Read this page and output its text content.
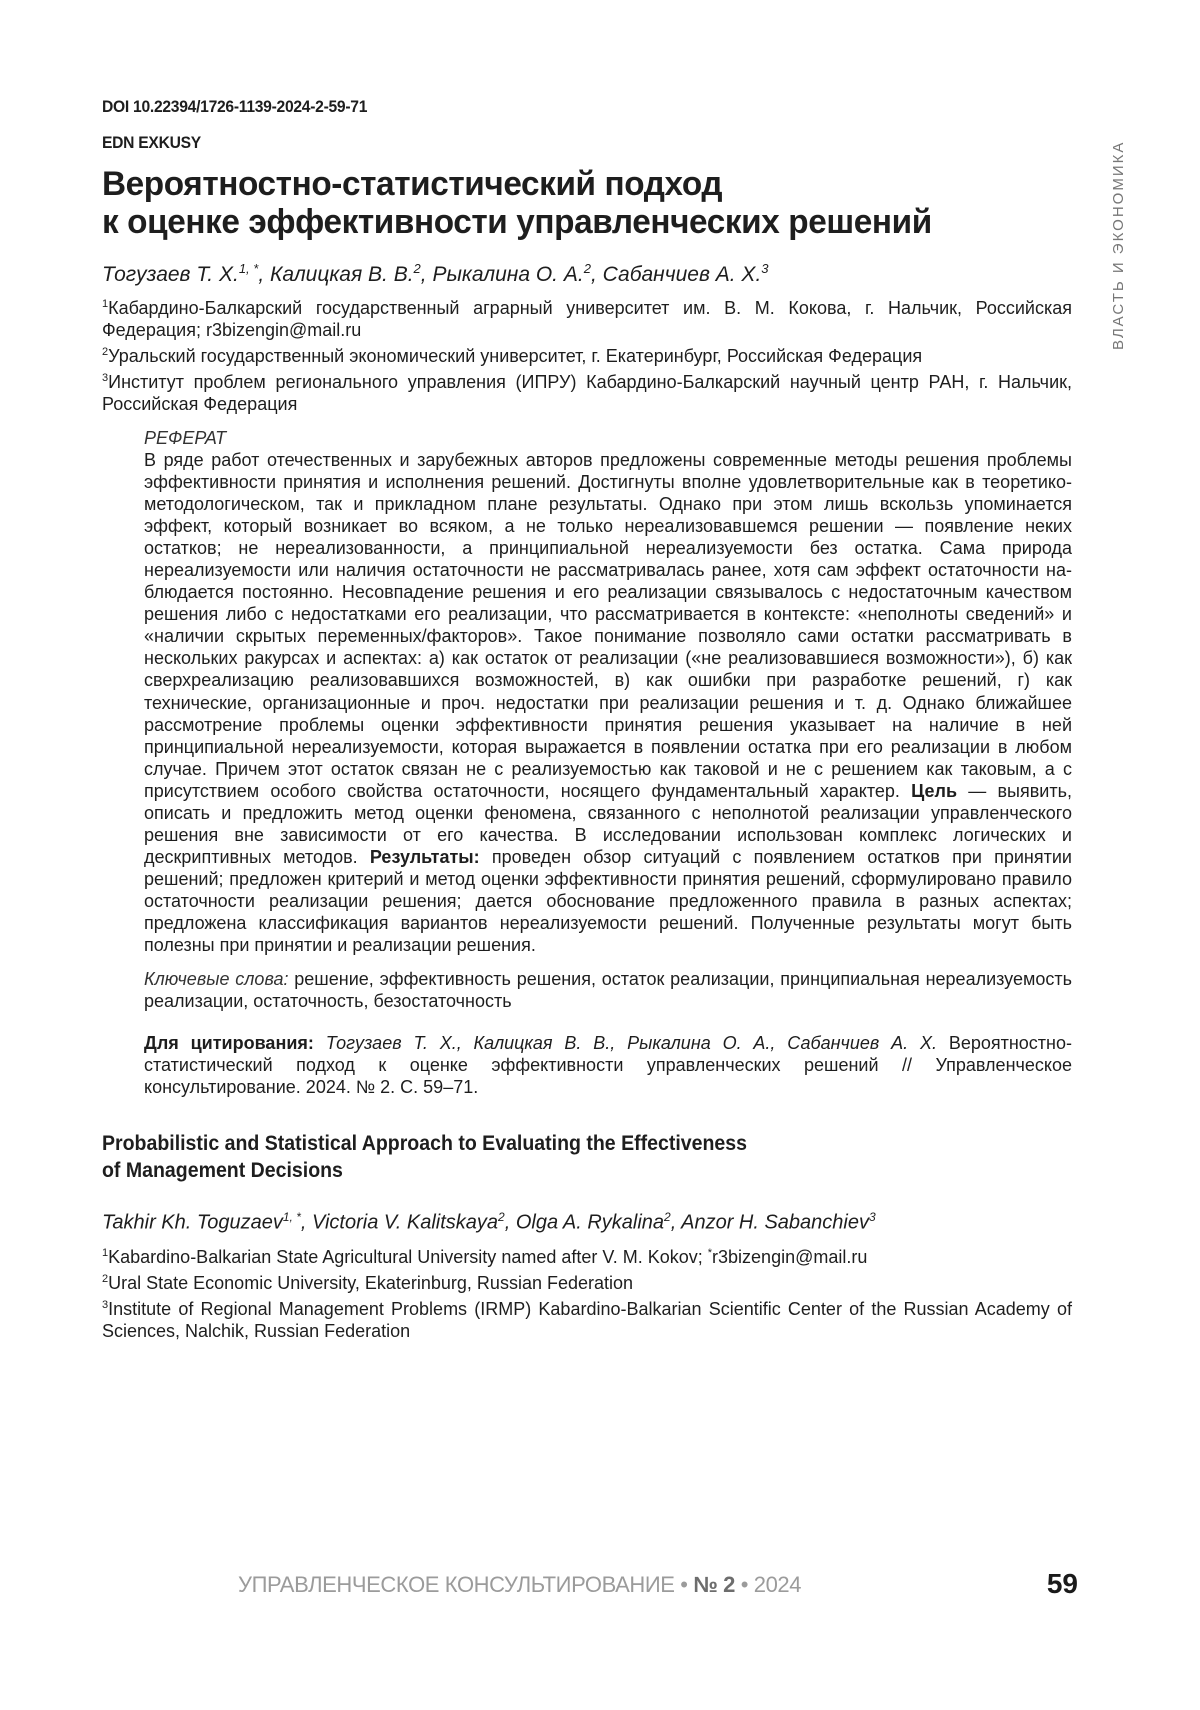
ВЛАСТЬ И ЭКОНОМИКА
DOI 10.22394/1726-1139-2024-2-59-71
EDN EXKUSY
Вероятностно-статистический подход
к оценке эффективности управленческих решений
Тогузаев Т. Х.1, *, Калицкая В. В.2, Рыкалина О. А.2, Сабанчиев А. Х.3
1Кабардино-Балкарский государственный аграрный университет им. В. М. Кокова, г. Нальчик, Российская Федерация; r3bizengin@mail.ru
2Уральский государственный экономический университет, г. Екатеринбург, Российская Федерация
3Институт проблем регионального управления (ИПРУ) Кабардино-Балкарский научный центр РАН, г. Нальчик, Российская Федерация
РЕФЕРАТ

В ряде работ отечественных и зарубежных авторов предложены современные методы решения проблемы эффективности принятия и исполнения решений. Достигнуты вполне удовлетворительные как в теоретико-методологическом, так и прикладном плане резуль­таты. Однако при этом лишь вскользь упоминается эффект, который возникает во всяком, а не только нереализовавшемся решении — появление неких остатков; не нереализован­ности, а принципиальной нереализуемости без остатка. Сама природа нереализуемости или наличия остаточности не рассматривалась ранее, хотя сам эффект остаточности на­блюдается постоянно. Несовпадение решения и его реализации связывалось с недоста­точным качеством решения либо с недостатками его реализации, что рассматривается в контексте: «неполноты сведений» и «наличии скрытых переменных/факторов». Такое понимание позволяло сами остатки рассматривать в нескольких ракурсах и аспектах: а) как остаток от реализации («не реализовавшиеся возможности»), б) как сверхреализацию реализовавшихся возможностей, в) как ошибки при разработке решений, г) как технические, организационные и проч. недостатки при реализации решения и т. д. Однако ближайшее рассмотрение проблемы оценки эффективности принятия решения указывает на наличие в ней принципиальной нереализуемости, которая выражается в появлении остатка при его реализации в любом случае. Причем этот остаток связан не с реализуемостью как таковой и не с решением как таковым, а с присутствием особого свойства остаточности, носяще­го фундаментальный характер. Цель — выявить, описать и предложить метод оценки феномена, связанного с неполнотой реализации управленческого решения вне зависимо­сти от его качества. В исследовании использован комплекс логических и дескриптивных методов. Результаты: проведен обзор ситуаций с появлением остатков при принятии решений; предложен критерий и метод оценки эффективности принятия решений, сфор­мулировано правило остаточности реализации решения; дается обоснование предложен­ного правила в разных аспектах; предложена классификация вариантов нереализуемости решений. Полученные результаты могут быть полезны при принятии и реализации решения.

Ключевые слова: решение, эффективность решения, остаток реализации, принципиаль­ная нереализуемость реализации, остаточность, безостаточность
Для цитирования: Тогузаев Т. Х., Калицкая В. В., Рыкалина О. А., Сабанчиев А. Х. Веро­ятностно-статистический подход к оценке эффективности управленческих решений // Управленческое консультирование. 2024. № 2. С. 59–71.
Probabilistic and Statistical Approach to Evaluating the Effectiveness
of Management Decisions
Takhir Kh. Toguzaev1, *, Victoria V. Kalitskaya2, Olga A. Rykalina2, Anzor H. Sabanchiev3
1Kabardino-Balkarian State Agricultural University named after V. M. Kokov; *r3bizengin@mail.ru
2Ural State Economic University, Ekaterinburg, Russian Federation
3Institute of Regional Management Problems (IRMP) Kabardino-Balkarian Scientific Center of the Russian Academy of Sciences, Nalchik, Russian Federation
УПРАВЛЕНЧЕСКОЕ КОНСУЛЬТИРОВАНИЕ • № 2 • 2024	59
